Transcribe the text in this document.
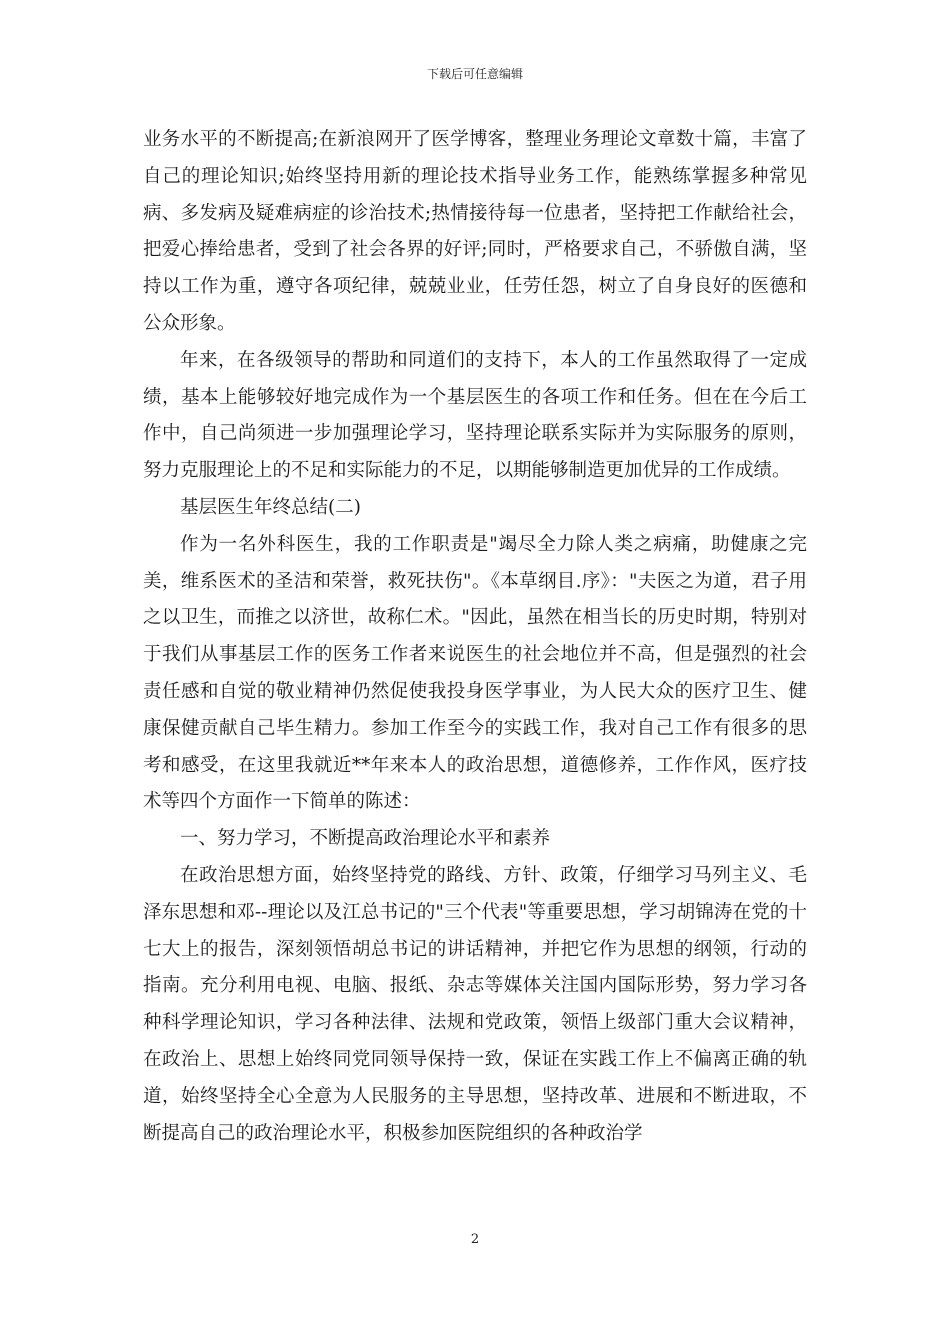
下载后可任意编辑

业务水平的不断提高;在新浪网开了医学博客，整理业务理论文章数十篇，丰富了自己的理论知识;始终坚持用新的理论技术指导业务工作，能熟练掌握多种常见病、多发病及疑难病症的诊治技术;热情接待每一位患者，坚持把工作献给社会，把爱心捧给患者，受到了社会各界的好评;同时，严格要求自己，不骄傲自满，坚持以工作为重，遵守各项纪律，兢兢业业，任劳任怨，树立了自身良好的医德和公众形象。

年来，在各级领导的帮助和同道们的支持下，本人的工作虽然取得了一定成绩，基本上能够较好地完成作为一个基层医生的各项工作和任务。但在在今后工作中，自己尚须进一步加强理论学习，坚持理论联系实际并为实际服务的原则，努力克服理论上的不足和实际能力的不足，以期能够制造更加优异的工作成绩。

基层医生年终总结(二)

作为一名外科医生，我的工作职责是"竭尽全力除人类之病痛，助健康之完美，维系医术的圣洁和荣誉，救死扶伤"。《本草纲目.序》："夫医之为道，君子用之以卫生，而推之以济世，故称仁术。"因此，虽然在相当长的历史时期，特别对于我们从事基层工作的医务工作者来说医生的社会地位并不高，但是强烈的社会责任感和自觉的敬业精神仍然促使我投身医学事业，为人民大众的医疗卫生、健康保健贡献自己毕生精力。参加工作至今的实践工作，我对自己工作有很多的思考和感受，在这里我就近**年来本人的政治思想，道德修养，工作作风，医疗技术等四个方面作一下简单的陈述：

一、努力学习，不断提高政治理论水平和素养

在政治思想方面，始终坚持党的路线、方针、政策，仔细学习马列主义、毛泽东思想和邓--理论以及江总书记的"三个代表"等重要思想，学习胡锦涛在党的十七大上的报告，深刻领悟胡总书记的讲话精神，并把它作为思想的纲领，行动的指南。充分利用电视、电脑、报纸、杂志等媒体关注国内国际形势，努力学习各种科学理论知识，学习各种法律、法规和党政策，领悟上级部门重大会议精神，在政治上、思想上始终同党同领导保持一致，保证在实践工作上不偏离正确的轨道，始终坚持全心全意为人民服务的主导思想，坚持改革、进展和不断进取，不断提高自己的政治理论水平，积极参加医院组织的各种政治学

2
